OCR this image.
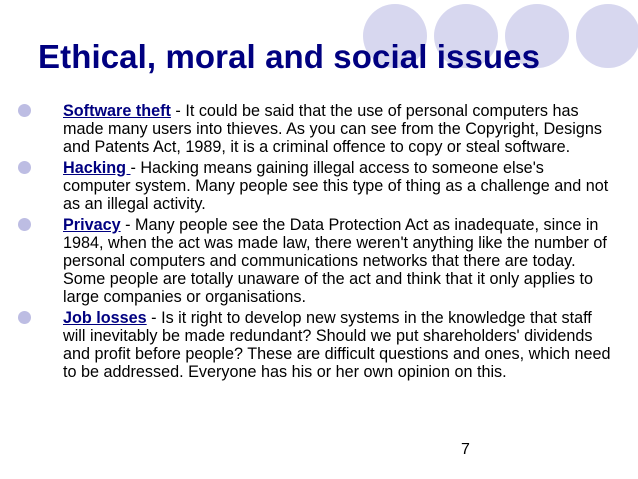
Ethical, moral and social issues
Software theft - It could be said that the use of personal computers has made many users into thieves. As you can see from the Copyright, Designs and Patents Act, 1989, it is a criminal offence to copy or steal software.
Hacking - Hacking means gaining illegal access to someone else's computer system. Many people see this type of thing as a challenge and not as an illegal activity.
Privacy - Many people see the Data Protection Act as inadequate, since in 1984, when the act was made law, there weren't anything like the number of personal computers and communications networks that there are today. Some people are totally unaware of the act and think that it only applies to large companies or organisations.
Job losses - Is it right to develop new systems in the knowledge that staff will inevitably be made redundant? Should we put shareholders' dividends and profit before people? These are difficult questions and ones, which need to be addressed. Everyone has his or her own opinion on this.
7
